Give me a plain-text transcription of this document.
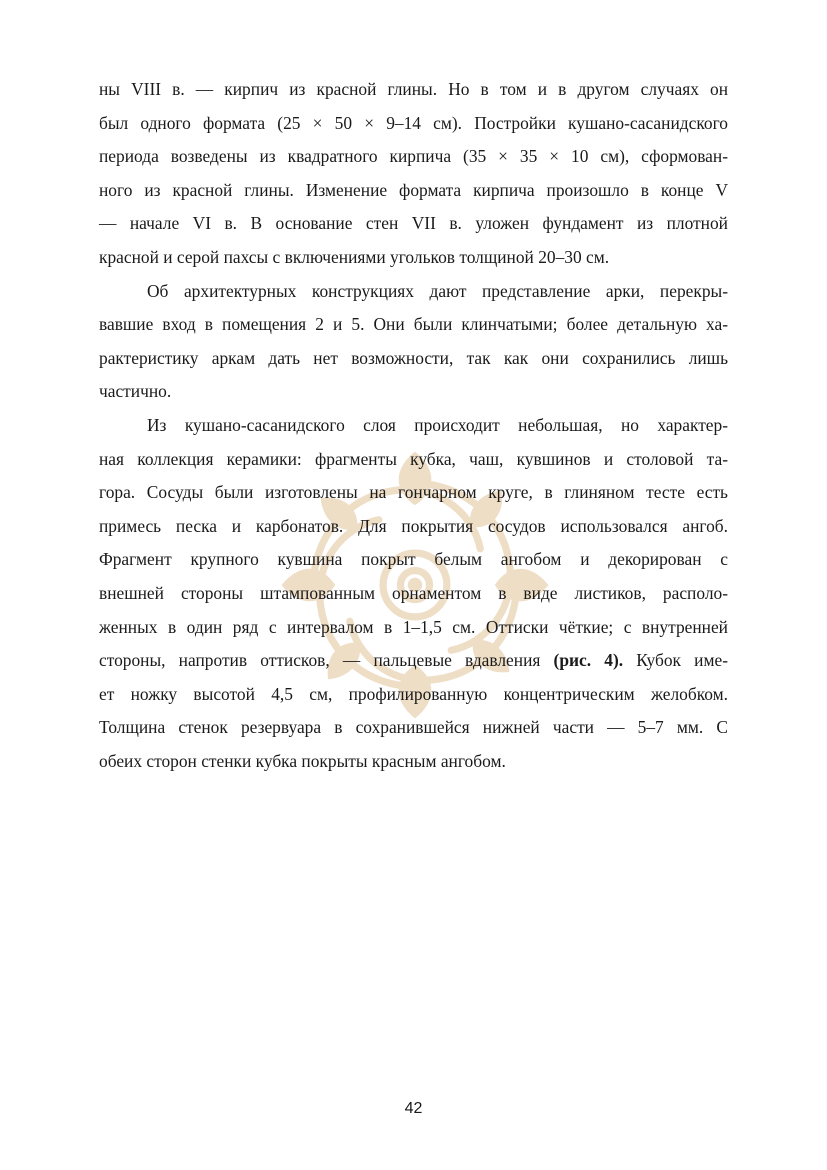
ны VIII в. — кирпич из красной глины. Но в том и в другом случаях он
был одного формата (25 × 50 × 9–14 см). Постройки кушано-сасанидского
периода возведены из квадратного кирпича (35 × 35 × 10 см), сформован-
ного из красной глины. Изменение формата кирпича произошло в конце V
— начале VI в. В основание стен VII в. уложен фундамент из плотной
красной и серой пахсы с включениями угольков толщиной 20–30 см.
Об архитектурных конструкциях дают представление арки, перекры-
вавшие вход в помещения 2 и 5. Они были клинчатыми; более детальную ха-
рактеристику аркам дать нет возможности, так как они сохранились лишь
частично.
Из кушано-сасанидского слоя происходит небольшая, но характер-
ная коллекция керамики: фрагменты кубка, чаш, кувшинов и столовой та-
гора. Сосуды были изготовлены на гончарном круге, в глиняном тесте есть
примесь песка и карбонатов. Для покрытия сосудов использовался ангоб.
Фрагмент крупного кувшина покрыт белым ангобом и декорирован с
внешней стороны штампованным орнаментом в виде листиков, располо-
женных в один ряд с интервалом в 1–1,5 см. Оттиски чёткие; с внутренней
стороны, напротив оттисков, — пальцевые вдавления (рис. 4). Кубок име-
ет ножку высотой 4,5 см, профилированную концентрическим желобком.
Толщина стенок резервуара в сохранившейся нижней части — 5–7 мм. С
обеих сторон стенки кубка покрыты красным ангобом.
42
